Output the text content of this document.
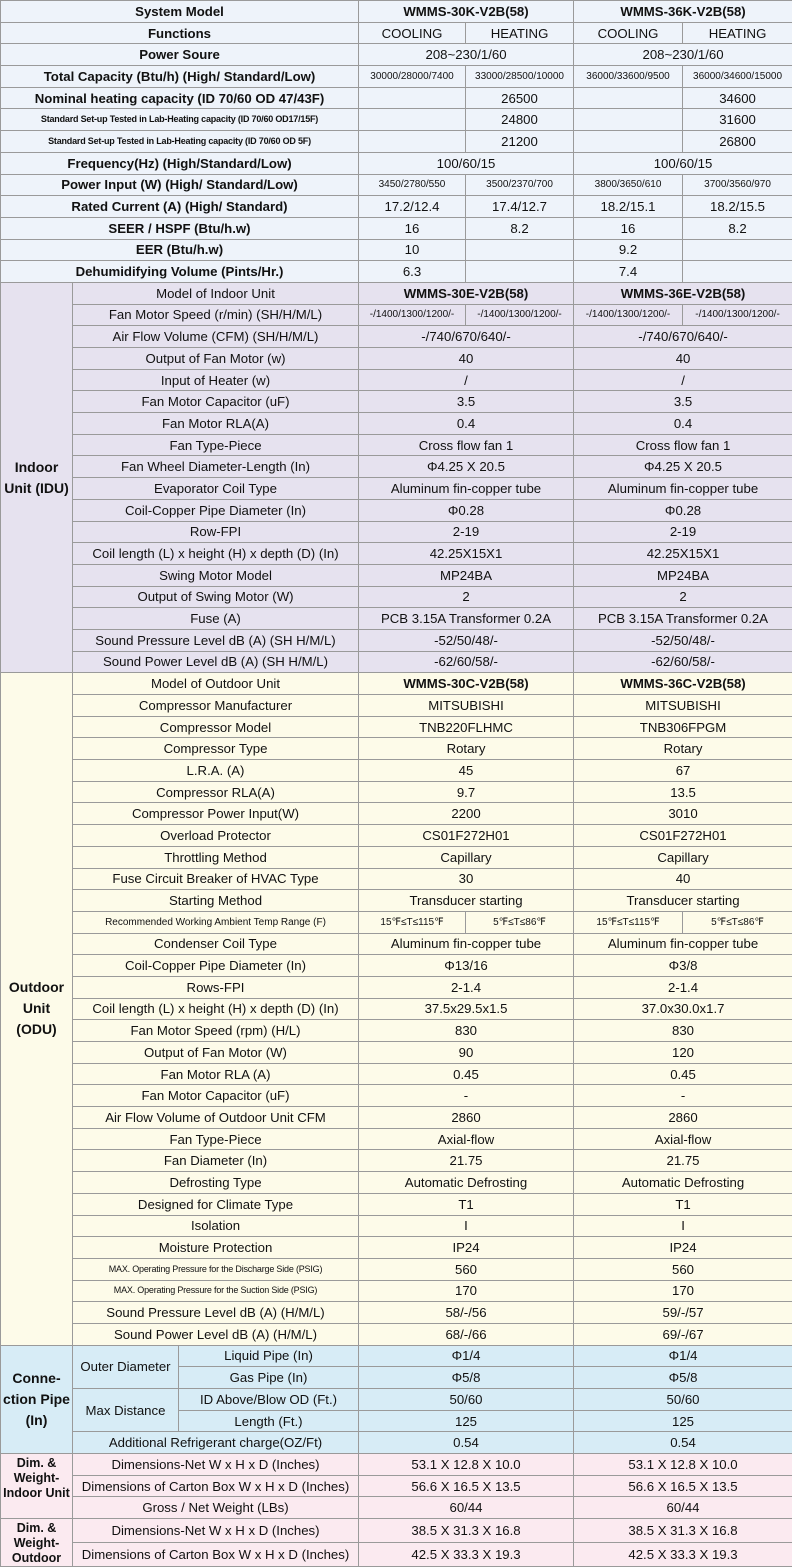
System Model			WMMS-30K-V2B(58)		WMMS-36K-V2B(58)	
Functions			COOLING	HEATING	COOLING	HEATING
Power Soure			208~230/1/60		208~230/1/60	
Total Capacity (Btu/h) (High/ Standard/Low)			30000/28000/7400	33000/28500/10000	36000/33600/9500	36000/34600/15000
Nominal heating capacity (ID 70/60 OD 47/43F)				26500		34600
Standard Set-up Tested in Lab-Heating capacity (ID 70/60 OD17/15F)				24800		31600
Standard Set-up Tested in Lab-Heating capacity (ID 70/60 OD 5F)				21200		26800
Frequency(Hz) (High/Standard/Low)			100/60/15		100/60/15	
Power Input (W) (High/ Standard/Low)			3450/2780/550	3500/2370/700	3800/3650/610	3700/3560/970
Rated Current (A) (High/ Standard)			17.2/12.4	17.4/12.7	18.2/15.1	18.2/15.5
SEER / HSPF (Btu/h.w)			16	8.2	16	8.2
EER (Btu/h.w)			10		9.2	
Dehumidifying Volume (Pints/Hr.)			6.3		7.4	
Indoor Unit (IDU)	Model of Indoor Unit		WMMS-30E-V2B(58)		WMMS-36E-V2B(58)	
	Fan Motor Speed (r/min) (SH/H/M/L)		-/1400/1300/1200/-	-/1400/1300/1200/-	-/1400/1300/1200/-	-/1400/1300/1200/-
	Air Flow Volume (CFM) (SH/H/M/L)		-/740/670/640/-		-/740/670/640/-	
	Output of Fan Motor (w)		40		40	
	Input of Heater (w)		/		/	
	Fan Motor Capacitor (uF)		3.5		3.5	
	Fan Motor RLA(A)		0.4		0.4	
	Fan Type-Piece		Cross flow fan 1		Cross flow fan 1	
	Fan Wheel Diameter-Length (In)		Φ4.25 X 20.5		Φ4.25 X 20.5	
	Evaporator Coil Type		Aluminum fin-copper tube		Aluminum fin-copper tube	
	Coil-Copper Pipe Diameter (In)		Φ0.28		Φ0.28	
	Row-FPI		2-19		2-19	
	Coil length (L) x height (H) x depth (D) (In)		42.25X15X1		42.25X15X1	
	Swing Motor Model		MP24BA		MP24BA	
	Output of Swing Motor (W)		2		2	
	Fuse (A)		PCB 3.15A Transformer 0.2A		PCB 3.15A Transformer 0.2A	
	Sound Pressure Level dB (A) (SH H/M/L)		-52/50/48/-		-52/50/48/-	
	Sound Power Level dB (A) (SH H/M/L)		-62/60/58/-		-62/60/58/-	
Outdoor Unit (ODU)	Model of Outdoor Unit		WMMS-30C-V2B(58)		WMMS-36C-V2B(58)	
	Compressor Manufacturer		MITSUBISHI		MITSUBISHI	
	Compressor Model		TNB220FLHMC		TNB306FPGM	
	Compressor Type		Rotary		Rotary	
	L.R.A. (A)		45		67	
	Compressor RLA(A)		9.7		13.5	
	Compressor Power Input(W)		2200		3010	
	Overload Protector		CS01F272H01		CS01F272H01	
	Throttling Method		Capillary		Capillary	
	Fuse Circuit Breaker of HVAC Type		30		40	
	Starting Method		Transducer starting		Transducer starting	
	Recommended Working Ambient Temp Range (F)		15℉≤T≤115℉	5℉≤T≤86℉	15℉≤T≤115℉	5℉≤T≤86℉
	Condenser Coil Type		Aluminum fin-copper tube		Aluminum fin-copper tube	
	Coil-Copper Pipe Diameter (In)		Φ13/16		Φ3/8	
	Rows-FPI		2-1.4		2-1.4	
	Coil length (L) x height (H) x depth (D) (In)		37.5x29.5x1.5		37.0x30.0x1.7	
	Fan Motor Speed (rpm) (H/L)		830		830	
	Output of Fan Motor (W)		90		120	
	Fan Motor RLA (A)		0.45		0.45	
	Fan Motor Capacitor (uF)		-		-	
	Air Flow Volume of Outdoor Unit CFM		2860		2860	
	Fan Type-Piece		Axial-flow		Axial-flow	
	Fan Diameter (In)		21.75		21.75	
	Defrosting Type		Automatic Defrosting		Automatic Defrosting	
	Designed for Climate Type		T1		T1	
	Isolation		I		I	
	Moisture Protection		IP24		IP24	
	MAX. Operating Pressure for the Discharge Side (PSIG)		560		560	
	MAX. Operating Pressure for the Suction Side (PSIG)		170		170	
	Sound Pressure Level dB (A) (H/M/L)		58/-/56		59/-/57	
	Sound Power Level dB (A) (H/M/L)		68/-/66		69/-/67	
Conne-ction Pipe (In)	Outer Diameter	Liquid Pipe (In)	Φ1/4		Φ1/4	
		Gas Pipe (In)	Φ5/8		Φ5/8	
	Max Distance	ID Above/Blow OD (Ft.)	50/60		50/60	
		Length (Ft.)	125		125	
	Additional Refrigerant charge(OZ/Ft)		0.54		0.54	
Dim. & Weight-Indoor Unit	Dimensions-Net W x H x D (Inches)		53.1 X 12.8 X 10.0		53.1 X 12.8 X 10.0	
	Dimensions of Carton Box W x H x D (Inches)		56.6 X 16.5 X 13.5		56.6 X 16.5 X 13.5	
	Gross / Net Weight (LBs)		60/44		60/44	
Dim. & Weight-Outdoor	Dimensions-Net W x H x D (Inches)		38.5 X 31.3 X 16.8		38.5 X 31.3 X 16.8	
	Dimensions of Carton Box W x H x D (Inches)		42.5 X 33.3 X 19.3		42.5 X 33.3 X 19.3	
